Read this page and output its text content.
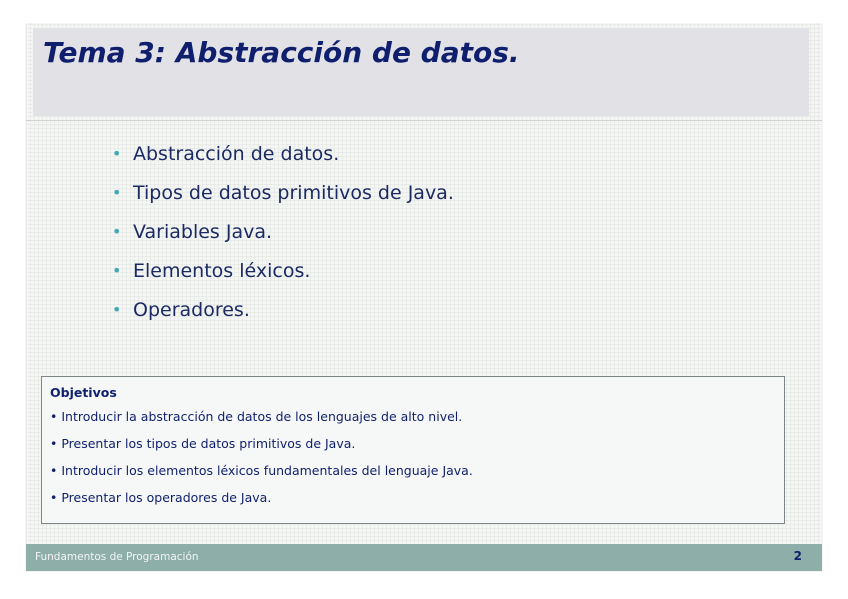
Tema 3: Abstracción de datos.
• Abstracción de datos.
• Tipos de datos primitivos de Java.
• Variables Java.
• Elementos léxicos.
• Operadores.
Objetivos
• Introducir la abstracción de datos de los lenguajes de alto nivel.
• Presentar los tipos de datos primitivos de Java.
• Introducir los elementos léxicos fundamentales del lenguaje Java.
• Presentar los operadores de Java.
Fundamentos de Programación	2
